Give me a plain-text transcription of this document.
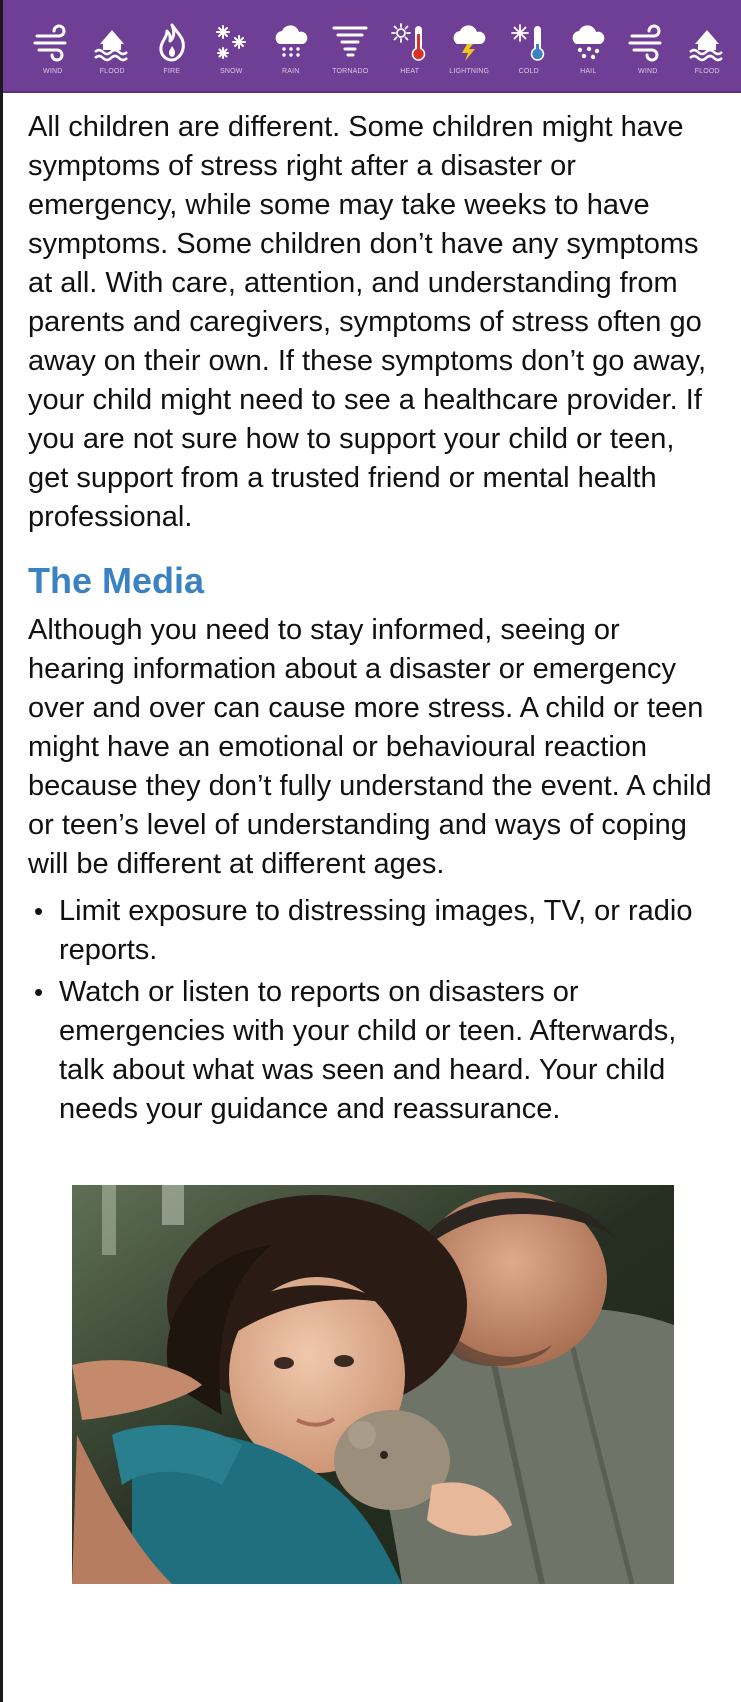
WIND	FLOOD	FIRE	SNOW	RAIN	TORNADO	HEAT	LIGHTNING	COLD	HAIL	WIND	FLOOD

All children are different. Some children might have symptoms of stress right after a disaster or emergency, while some may take weeks to have symptoms. Some children don’t have any symptoms at all. With care, attention, and understanding from parents and caregivers, symptoms of stress often go away on their own. If these symptoms don’t go away, your child might need to see a healthcare provider. If you are not sure how to support your child or teen, get support from a trusted friend or mental health professional.

The Media

Although you need to stay informed, seeing or hearing information about a disaster or emergency over and over can cause more stress. A child or teen might have an emotional or behavioural reaction because they don’t fully understand the event. A child or teen’s level of understanding and ways of coping will be different at different ages.

• Limit exposure to distressing images, TV, or radio reports.
• Watch or listen to reports on disasters or emergencies with your child or teen. Afterwards, talk about what was seen and heard. Your child needs your guidance and reassurance.
